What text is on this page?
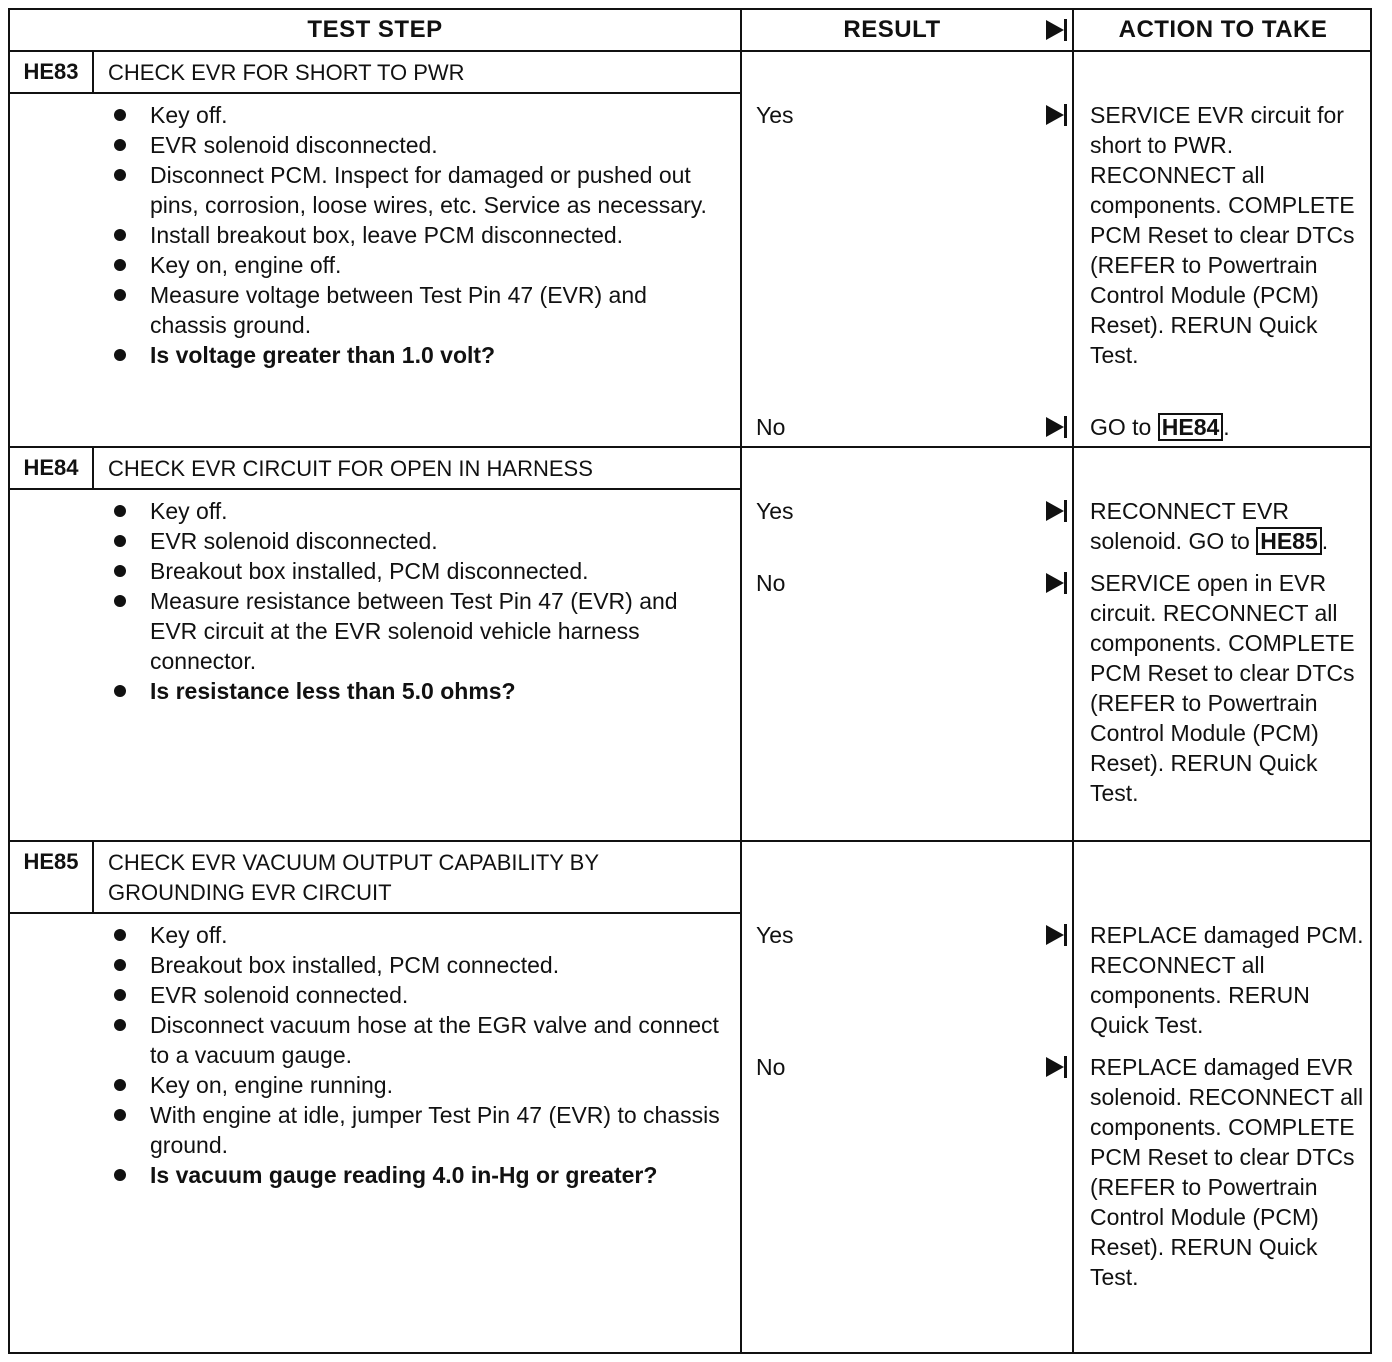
TEST STEP	RESULT	ACTION TO TAKE
HE83	CHECK EVR FOR SHORT TO PWR
Key off.
EVR solenoid disconnected.
Disconnect PCM. Inspect for damaged or pushed out pins, corrosion, loose wires, etc. Service as necessary.
Install breakout box, leave PCM disconnected.
Key on, engine off.
Measure voltage between Test Pin 47 (EVR) and chassis ground.
Is voltage greater than 1.0 volt?
Yes	SERVICE EVR circuit for short to PWR. RECONNECT all components. COMPLETE PCM Reset to clear DTCs (REFER to Powertrain Control Module (PCM) Reset). RERUN Quick Test.
No	GO to HE84 .
HE84	CHECK EVR CIRCUIT FOR OPEN IN HARNESS
Key off.
EVR solenoid disconnected.
Breakout box installed, PCM disconnected.
Measure resistance between Test Pin 47 (EVR) and EVR circuit at the EVR solenoid vehicle harness connector.
Is resistance less than 5.0 ohms?
Yes	RECONNECT EVR solenoid. GO to HE85 .
No	SERVICE open in EVR circuit. RECONNECT all components. COMPLETE PCM Reset to clear DTCs (REFER to Powertrain Control Module (PCM) Reset). RERUN Quick Test.
HE85	CHECK EVR VACUUM OUTPUT CAPABILITY BY GROUNDING EVR CIRCUIT
Key off.
Breakout box installed, PCM connected.
EVR solenoid connected.
Disconnect vacuum hose at the EGR valve and connect to a vacuum gauge.
Key on, engine running.
With engine at idle, jumper Test Pin 47 (EVR) to chassis ground.
Is vacuum gauge reading 4.0 in-Hg or greater?
Yes	REPLACE damaged PCM. RECONNECT all components. RERUN Quick Test.
No	REPLACE damaged EVR solenoid. RECONNECT all components. COMPLETE PCM Reset to clear DTCs (REFER to Powertrain Control Module (PCM) Reset). RERUN Quick Test.
